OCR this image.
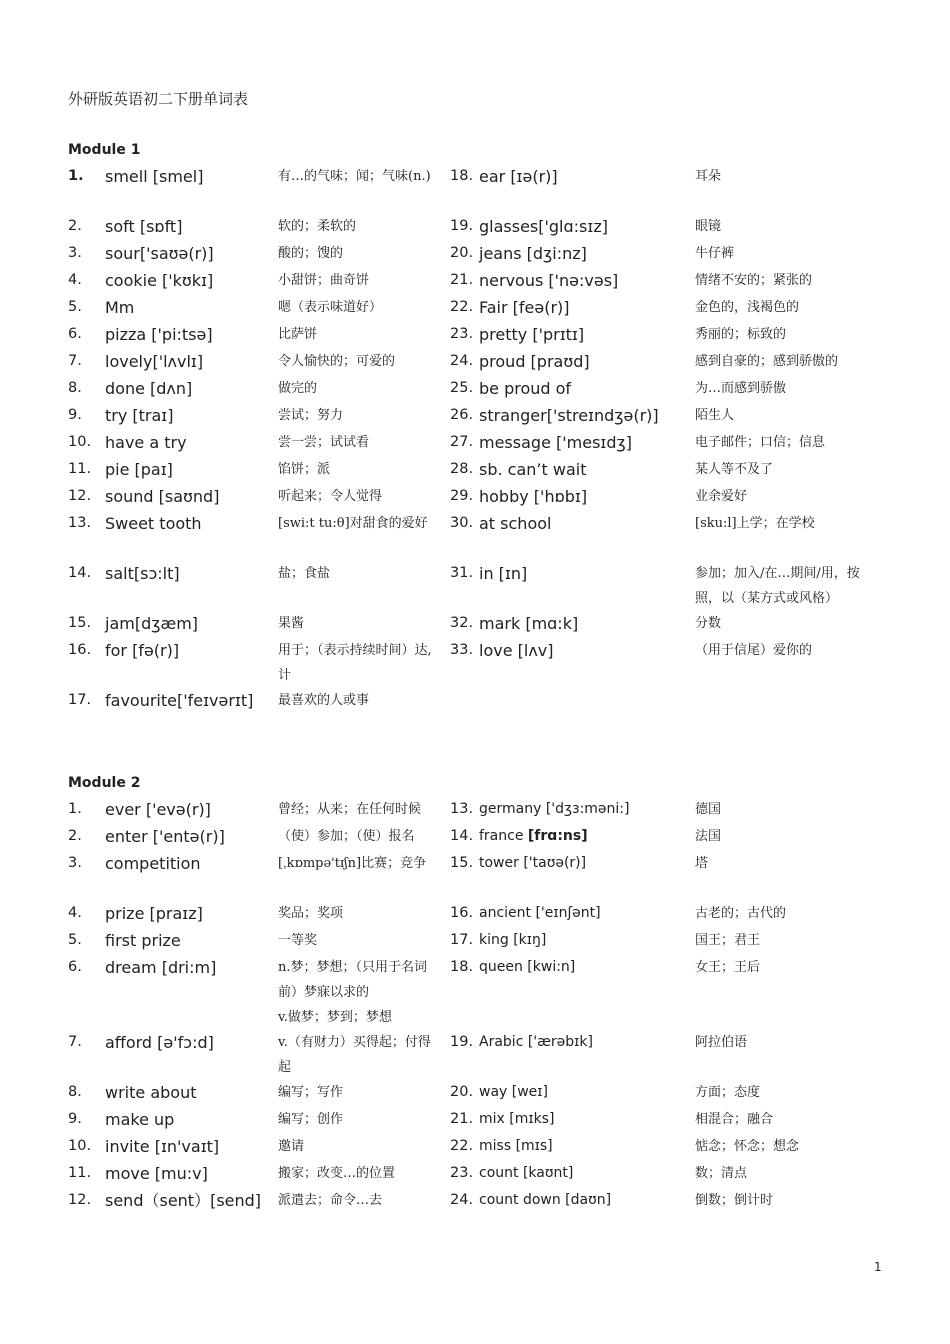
外研版英语初二下册单词表
Module 1
1. smell [smel]	有…的气味；闻；气味(n.)	18. ear [ɪə(r)]	耳朵
2. soft [sɒft]	软的；柔软的	19. glasses['glɑ:sɪz]	眼镜
3. sour['saʊə(r)]	酸的；馊的	20. jeans [dʒi:nz]	牛仔裤
4. cookie ['kʊkɪ]	小甜饼；曲奇饼	21. nervous ['nə:vəs]	情绪不安的；紧张的
5. Mm	嗯（表示味道好）	22. Fair [feə(r)]	金色的，浅褐色的
6. pizza ['pi:tsə]	比萨饼	23. pretty ['prɪtɪ]	秀丽的；标致的
7. lovely['lʌvlɪ]	令人愉快的；可爱的	24. proud [praʊd]	感到自豪的；感到骄傲的
8. done [dʌn]	做完的	25. be proud of	为…而感到骄傲
9. try [traɪ]	尝试；努力	26. stranger['streɪndʒə(r)]	陌生人
10. have a try	尝一尝；试试看	27. message ['mesɪdʒ]	电子邮件；口信；信息
11. pie [paɪ]	馅饼；派	28. sb. can’t wait	某人等不及了
12. sound [saʊnd]	听起来；令人觉得	29. hobby ['hɒbɪ]	业余爱好
13. Sweet tooth	[swi:t tu:θ]对甜食的爱好	30. at school	[sku:l]上学；在学校
14. salt[sɔ:lt]	盐；食盐	31. in [ɪn]	参加；加入/在…期间/用，按照，以（某方式或风格）
15. jam[dʒæm]	果酱	32. mark [mɑ:k]	分数
16. for [fə(r)]	用于；（表示持续时间）达,计
33. love [lʌv]	（用于信尾）爱你的
17. favourite['feɪvərɪt]	最喜欢的人或事
Module 2
1. ever ['evə(r)]	曾经；从来；在任何时候	13. germany ['dʒɜ:məni:]	德国
2. enter ['entə(r)]	（使）参加；（使）报名	14. france [frɑ:ns]	法国
3. competition	[ˌkɒmpə'tɪʃn]比赛；竞争	15. tower ['taʊə(r)]	塔
4. prize [praɪz]	奖品；奖项	16. ancient ['eɪnʃənt]	古老的；古代的
5. first prize	一等奖	17. king [kɪŋ]	国王；君王
6. dream [dri:m]	n.梦；梦想；（只用于名词前）梦寐以求的
v.做梦；梦到；梦想
18. queen [kwi:n]	女王；王后
7. afford [ə'fɔ:d]	v.（有财力）买得起；付得起
19. Arabic ['ærəbɪk]	阿拉伯语
8. write about	编写；写作	20. way [weɪ]	方面；态度
9. make up	编写；创作	21. mix [mɪks]	相混合；融合
10. invite [ɪn'vaɪt]	邀请	22. miss [mɪs]	惦念；怀念；想念
11. move [mu:v]	搬家；改变…的位置	23. count [kaʊnt]	数；清点
12. send（sent）[send]	派遣去；命令…去	24. count down [daʊn]	倒数；倒计时
1
